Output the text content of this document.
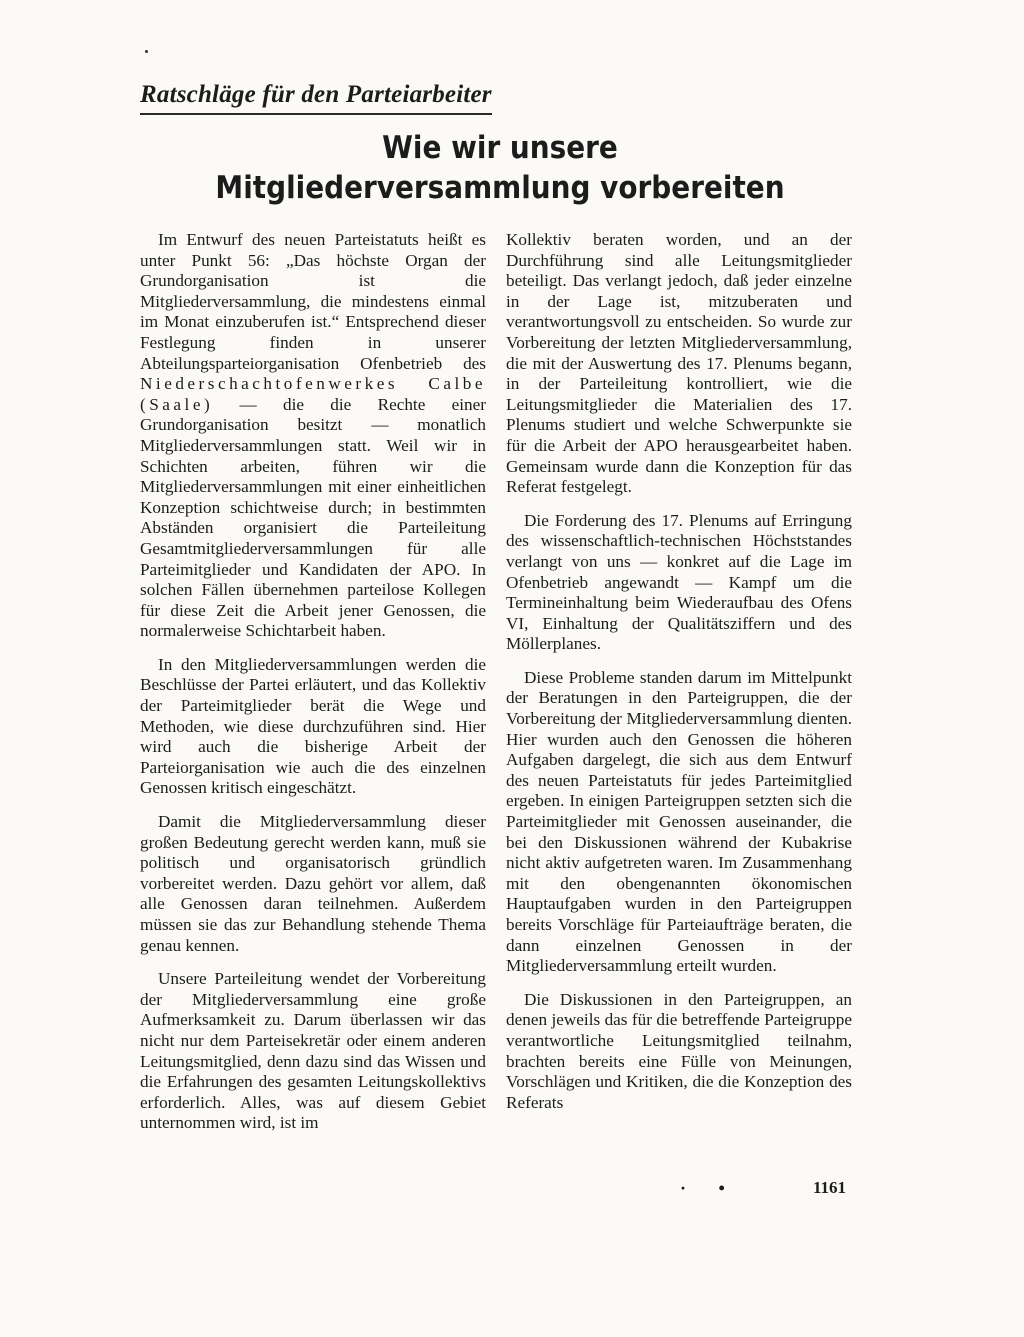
Ratschläge für den Parteiarbeiter
Wie wir unsere
Mitgliederversammlung vorbereiten

Im Entwurf des neuen Parteistatuts heißt es unter Punkt 56: „Das höchste Organ der Grundorganisation ist die Mitgliederversammlung, die mindestens einmal im Monat einzuberufen ist.“ Entsprechend dieser Festlegung finden in unserer Abteilungsparteiorganisation Ofenbetrieb des Niederschachtofenwerkes Calbe (Saale) — die die Rechte einer Grundorganisation besitzt — monatlich Mitgliederversammlungen statt. Weil wir in Schichten arbeiten, führen wir die Mitgliederversammlungen mit einer einheitlichen Konzeption schichtweise durch; in bestimmten Abständen organisiert die Parteileitung Gesamtmitgliederversammlungen für alle Parteimitglieder und Kandidaten der APO. In solchen Fällen übernehmen parteilose Kollegen für diese Zeit die Arbeit jener Genossen, die normalerweise Schichtarbeit haben.

In den Mitgliederversammlungen werden die Beschlüsse der Partei erläutert, und das Kollektiv der Parteimitglieder berät die Wege und Methoden, wie diese durchzuführen sind. Hier wird auch die bisherige Arbeit der Parteiorganisation wie auch die des einzelnen Genossen kritisch eingeschätzt.

Damit die Mitgliederversammlung dieser großen Bedeutung gerecht werden kann, muß sie politisch und organisatorisch gründlich vorbereitet werden. Dazu gehört vor allem, daß alle Genossen daran teilnehmen. Außerdem müssen sie das zur Behandlung stehende Thema genau kennen.

Unsere Parteileitung wendet der Vorbereitung der Mitgliederversammlung eine große Aufmerksamkeit zu. Darum überlassen wir das nicht nur dem Parteisekretär oder einem anderen Leitungsmitglied, denn dazu sind das Wissen und die Erfahrungen des gesamten Leitungskollektivs erforderlich. Alles, was auf diesem Gebiet unternommen wird, ist im

Kollektiv beraten worden, und an der Durchführung sind alle Leitungsmitglieder beteiligt. Das verlangt jedoch, daß jeder einzelne in der Lage ist, mitzuberaten und verantwortungsvoll zu entscheiden. So wurde zur Vorbereitung der letzten Mitgliederversammlung, die mit der Auswertung des 17. Plenums begann, in der Parteileitung kontrolliert, wie die Leitungsmitglieder die Materialien des 17. Plenums studiert und welche Schwerpunkte sie für die Arbeit der APO herausgearbeitet haben. Gemeinsam wurde dann die Konzeption für das Referat festgelegt.

Die Forderung des 17. Plenums auf Erringung des wissenschaftlich-technischen Höchststandes verlangt von uns — konkret auf die Lage im Ofenbetrieb angewandt — Kampf um die Termineinhaltung beim Wiederaufbau des Ofens VI, Einhaltung der Qualitätsziffern und des Möllerplanes.

Diese Probleme standen darum im Mittelpunkt der Beratungen in den Parteigruppen, die der Vorbereitung der Mitgliederversammlung dienten. Hier wurden auch den Genossen die höheren Aufgaben dargelegt, die sich aus dem Entwurf des neuen Parteistatuts für jedes Parteimitglied ergeben. In einigen Parteigruppen setzten sich die Parteimitglieder mit Genossen auseinander, die bei den Diskussionen während der Kubakrise nicht aktiv aufgetreten waren. Im Zusammenhang mit den obengenannten ökonomischen Hauptaufgaben wurden in den Parteigruppen bereits Vorschläge für Parteiaufträge beraten, die dann einzelnen Genossen in der Mitgliederversammlung erteilt wurden.

Die Diskussionen in den Parteigruppen, an denen jeweils das für die betreffende Parteigruppe verantwortliche Leitungsmitglied teilnahm, brachten bereits eine Fülle von Meinungen, Vorschlägen und Kritiken, die die Konzeption des Referats

· •	1161
